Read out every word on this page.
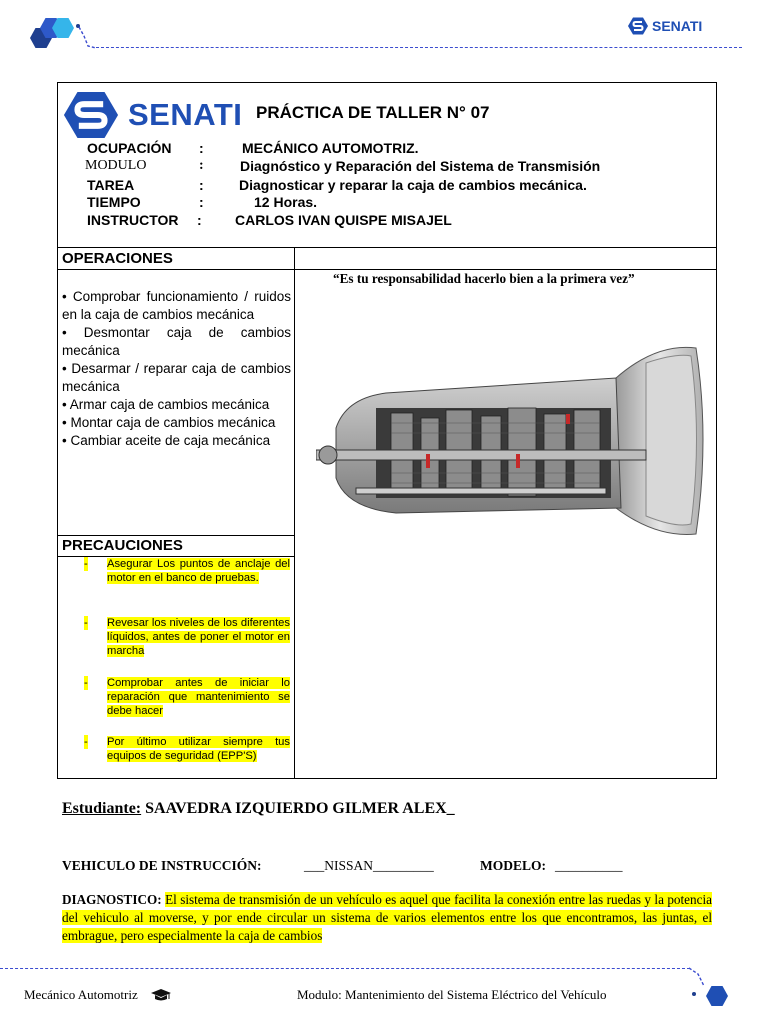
SENATI
SENATI PRÁCTICA DE TALLER N° 07
OCUPACIÓN :	MECÁNICO AUTOMOTRIZ.
MODULO	:	Diagnóstico y Reparación del Sistema de Transmisión
TAREA	:	Diagnosticar y reparar la caja de cambios mecánica.
TIEMPO	:	12 Horas.
INSTRUCTOR : CARLOS IVAN QUISPE MISAJEL
OPERACIONES
• Comprobar funcionamiento / ruidos en la caja de cambios mecánica
• Desmontar caja de cambios mecánica
• Desarmar / reparar caja de cambios mecánica
• Armar caja de cambios mecánica
• Montar caja de cambios mecánica
• Cambiar aceite de caja mecánica
“Es tu responsabilidad hacerlo bien a la primera vez”
PRECAUCIONES
- Asegurar Los puntos de anclaje del motor en el banco de pruebas.
- Revesar los niveles de los diferentes líquidos, antes de poner el motor en marcha
- Comprobar antes de iniciar lo reparación que mantenimiento se debe hacer
- Por último utilizar siempre tus equipos de seguridad (EPP'S)
Estudiante: SAAVEDRA IZQUIERDO GILMER ALEX_
VEHICULO DE INSTRUCCIÓN:	___NISSAN_________	MODELO: __________
DIAGNOSTICO: El sistema de transmisión de un vehículo es aquel que facilita la conexión entre las ruedas y la potencia del vehiculo al moverse, y por ende circular un sistema de varios elementos entre los que encontramos, las juntas, el embrague, pero especialmente la caja de cambios
Mecánico Automotriz	Modulo: Mantenimiento del Sistema Eléctrico del Vehículo
